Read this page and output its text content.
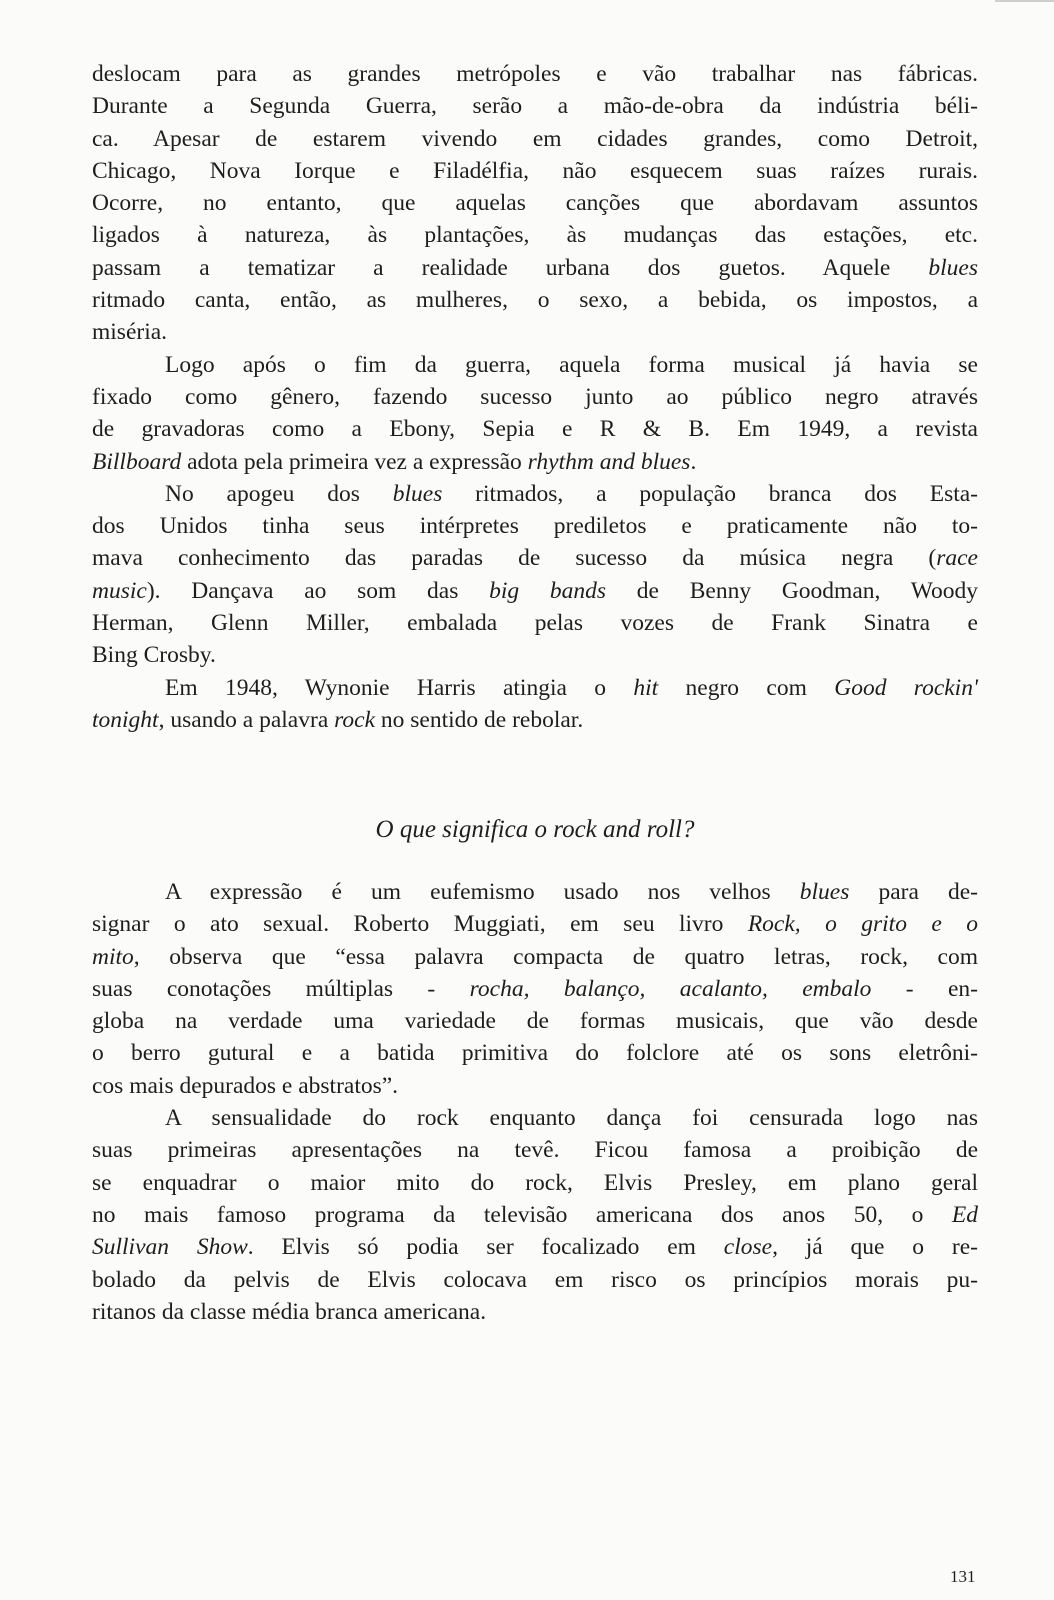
deslocam para as grandes metrópoles e vão trabalhar nas fábricas.
Durante a Segunda Guerra, serão a mão-de-obra da indústria béli-
ca. Apesar de estarem vivendo em cidades grandes, como Detroit,
Chicago, Nova Iorque e Filadélfia, não esquecem suas raízes rurais.
Ocorre, no entanto, que aquelas canções que abordavam assuntos
ligados à natureza, às plantações, às mudanças das estações, etc.
passam a tematizar a realidade urbana dos guetos. Aquele blues
ritmado canta, então, as mulheres, o sexo, a bebida, os impostos, a
miséria.
Logo após o fim da guerra, aquela forma musical já havia se
fixado como gênero, fazendo sucesso junto ao público negro através
de gravadoras como a Ebony, Sepia e R & B. Em 1949, a revista
Billboard adota pela primeira vez a expressão rhythm and blues.
No apogeu dos blues ritmados, a população branca dos Esta-
dos Unidos tinha seus intérpretes prediletos e praticamente não to-
mava conhecimento das paradas de sucesso da música negra (race
music). Dançava ao som das big bands de Benny Goodman, Woody
Herman, Glenn Miller, embalada pelas vozes de Frank Sinatra e
Bing Crosby.
Em 1948, Wynonie Harris atingia o hit negro com Good rockin'
tonight, usando a palavra rock no sentido de rebolar.
O que significa o rock and roll?
A expressão é um eufemismo usado nos velhos blues para de-
signar o ato sexual. Roberto Muggiati, em seu livro Rock, o grito e o
mito, observa que “essa palavra compacta de quatro letras, rock, com
suas conotações múltiplas - rocha, balanço, acalanto, embalo - en-
globa na verdade uma variedade de formas musicais, que vão desde
o berro gutural e a batida primitiva do folclore até os sons eletrôni-
cos mais depurados e abstratos”.
A sensualidade do rock enquanto dança foi censurada logo nas
suas primeiras apresentações na tevê. Ficou famosa a proibição de
se enquadrar o maior mito do rock, Elvis Presley, em plano geral
no mais famoso programa da televisão americana dos anos 50, o Ed
Sullivan Show. Elvis só podia ser focalizado em close, já que o re-
bolado da pelvis de Elvis colocava em risco os princípios morais pu-
ritanos da classe média branca americana.
131
